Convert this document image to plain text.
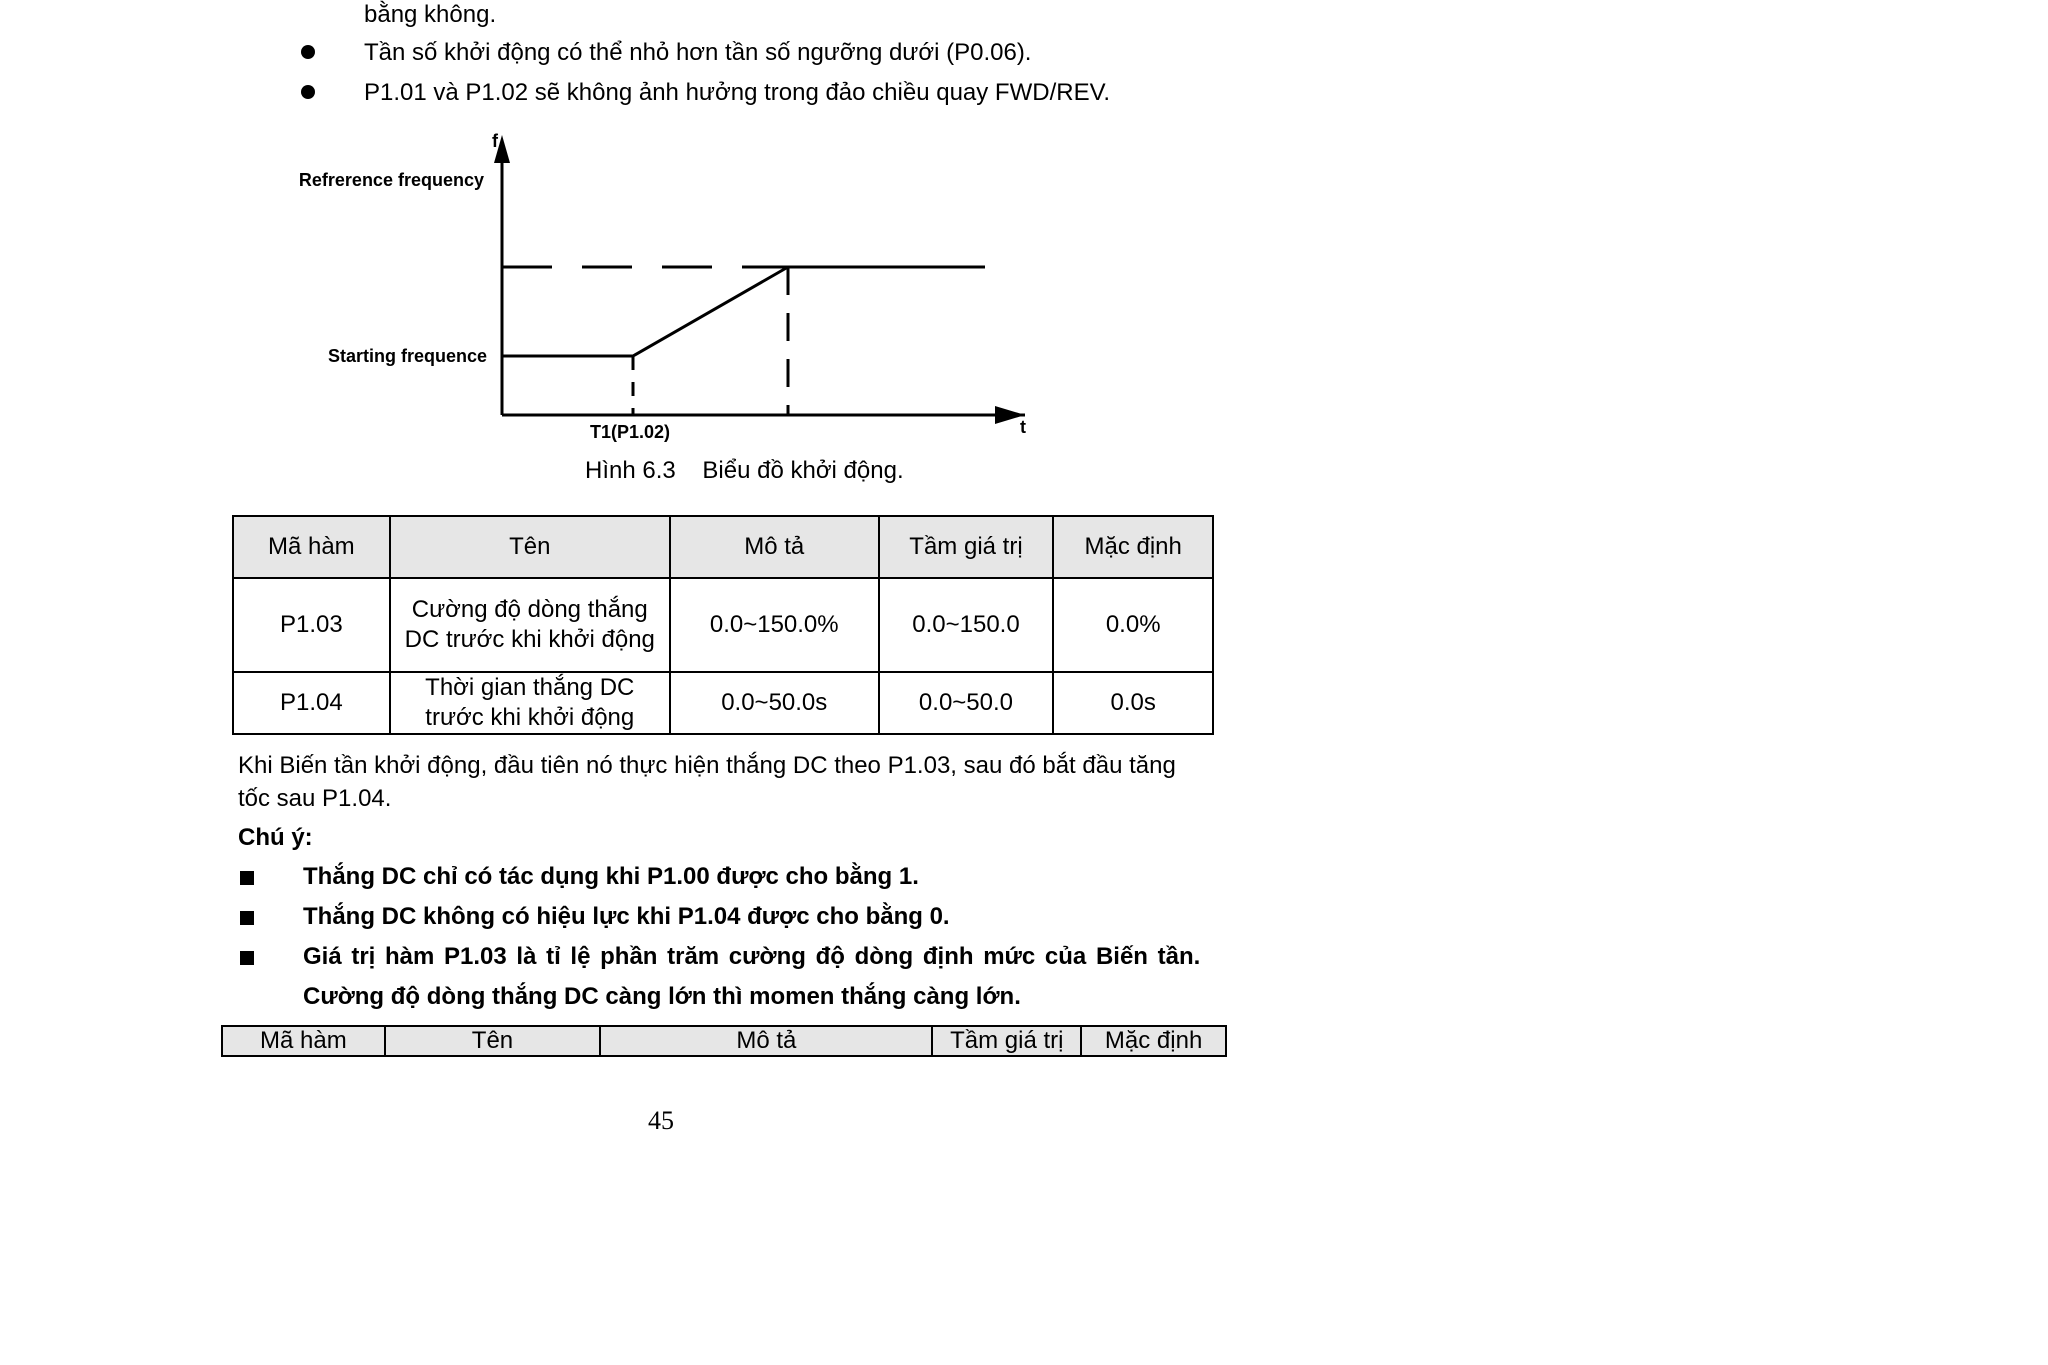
bằng không.
Tần số khởi động có thể nhỏ hơn tần số ngưỡng dưới (P0.06).
P1.01 và P1.02 sẽ không ảnh hưởng trong đảo chiều quay FWD/REV.
f
t
Refrerence frequency
Starting frequence
T1(P1.02)
Hình 6.3    Biểu đồ khởi động.
Mã hàm	Tên	Mô tả	Tầm giá trị	Mặc định
P1.03	Cường độ dòng thắng DC trước khi khởi động	0.0~150.0%	0.0~150.0	0.0%
P1.04	Thời gian thắng DC trước khi khởi động	0.0~50.0s	0.0~50.0	0.0s
Khi Biến tần khởi động, đầu tiên nó thực hiện thắng DC theo P1.03, sau đó bắt đầu tăng
tốc sau P1.04.
Chú ý:
Thắng DC chỉ có tác dụng khi P1.00 được cho bằng 1.
Thắng DC không có hiệu lực khi P1.04 được cho bằng 0.
Giá trị hàm P1.03 là tỉ lệ phần trăm cường độ dòng định mức của Biến tần.
Cường độ dòng thắng DC càng lớn thì momen thắng càng lớn.
Mã hàm	Tên	Mô tả	Tầm giá trị	Mặc định
45
